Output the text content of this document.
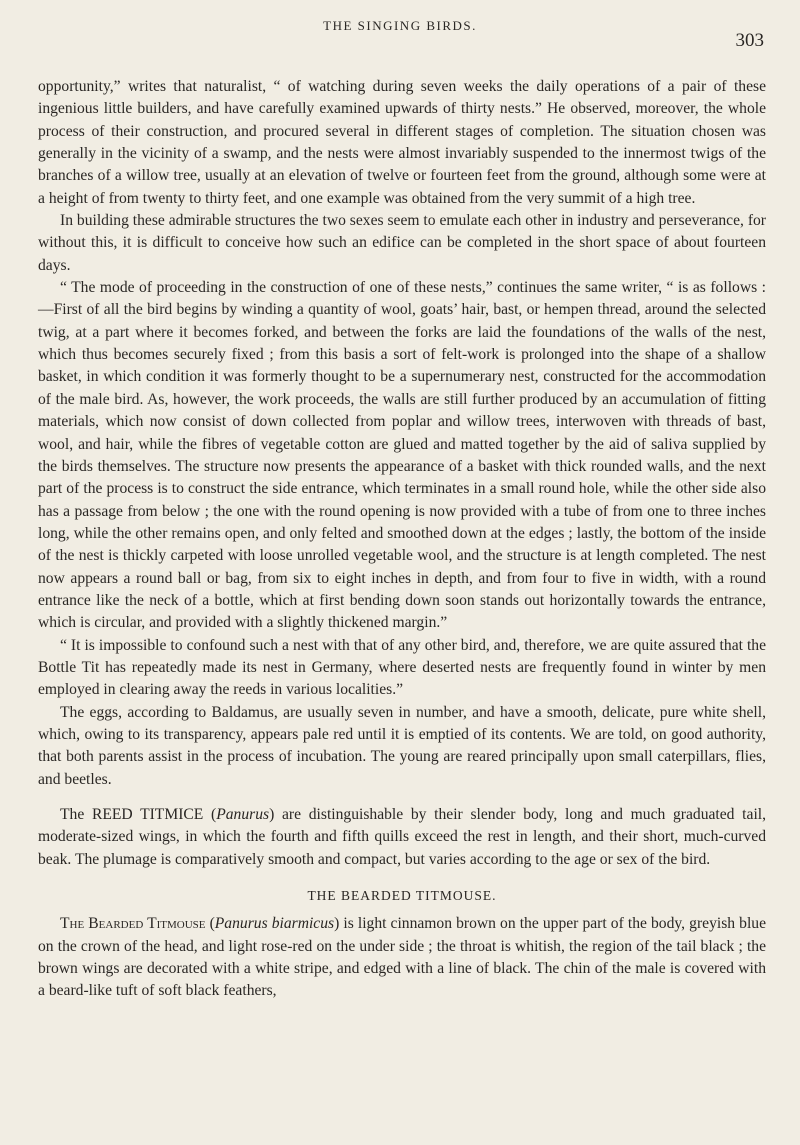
THE SINGING BIRDS.
303

opportunity,” writes that naturalist, “ of watching during seven weeks the daily operations of a pair of these ingenious little builders, and have carefully examined upwards of thirty nests.” He observed, moreover, the whole process of their construction, and procured several in different stages of completion. The situation chosen was generally in the vicinity of a swamp, and the nests were almost invariably suspended to the innermost twigs of the branches of a willow tree, usually at an elevation of twelve or fourteen feet from the ground, although some were at a height of from twenty to thirty feet, and one example was obtained from the very summit of a high tree.

In building these admirable structures the two sexes seem to emulate each other in industry and perseverance, for without this, it is difficult to conceive how such an edifice can be completed in the short space of about fourteen days.

“ The mode of proceeding in the construction of one of these nests,” continues the same writer, “ is as follows :—First of all the bird begins by winding a quantity of wool, goats’ hair, bast, or hempen thread, around the selected twig, at a part where it becomes forked, and between the forks are laid the foundations of the walls of the nest, which thus becomes securely fixed ; from this basis a sort of felt-work is prolonged into the shape of a shallow basket, in which condition it was formerly thought to be a supernumerary nest, constructed for the accommodation of the male bird. As, however, the work proceeds, the walls are still further produced by an accumulation of fitting materials, which now consist of down collected from poplar and willow trees, interwoven with threads of bast, wool, and hair, while the fibres of vegetable cotton are glued and matted together by the aid of saliva supplied by the birds themselves. The structure now presents the appearance of a basket with thick rounded walls, and the next part of the process is to construct the side entrance, which terminates in a small round hole, while the other side also has a passage from below ; the one with the round opening is now provided with a tube of from one to three inches long, while the other remains open, and only felted and smoothed down at the edges ; lastly, the bottom of the inside of the nest is thickly carpeted with loose unrolled vegetable wool, and the structure is at length completed. The nest now appears a round ball or bag, from six to eight inches in depth, and from four to five in width, with a round entrance like the neck of a bottle, which at first bending down soon stands out horizontally towards the entrance, which is circular, and provided with a slightly thickened margin.”

“ It is impossible to confound such a nest with that of any other bird, and, therefore, we are quite assured that the Bottle Tit has repeatedly made its nest in Germany, where deserted nests are frequently found in winter by men employed in clearing away the reeds in various localities.”

The eggs, according to Baldamus, are usually seven in number, and have a smooth, delicate, pure white shell, which, owing to its transparency, appears pale red until it is emptied of its contents. We are told, on good authority, that both parents assist in the process of incubation. The young are reared principally upon small caterpillars, flies, and beetles.

The REED TITMICE (Panurus) are distinguishable by their slender body, long and much graduated tail, moderate-sized wings, in which the fourth and fifth quills exceed the rest in length, and their short, much-curved beak. The plumage is comparatively smooth and compact, but varies according to the age or sex of the bird.

THE BEARDED TITMOUSE.

The Bearded Titmouse (Panurus biarmicus) is light cinnamon brown on the upper part of the body, greyish blue on the crown of the head, and light rose-red on the under side ; the throat is whitish, the region of the tail black ; the brown wings are decorated with a white stripe, and edged with a line of black. The chin of the male is covered with a beard-like tuft of soft black feathers,
